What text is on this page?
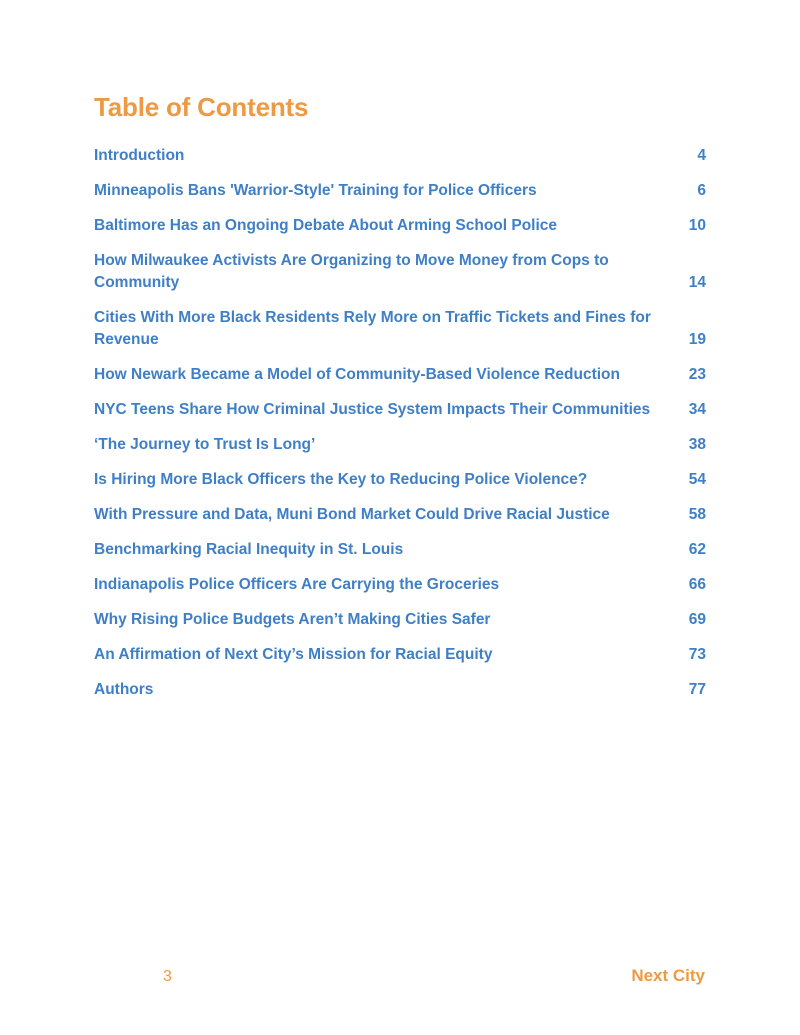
Table of Contents
Introduction	4
Minneapolis Bans 'Warrior-Style' Training for Police Officers	6
Baltimore Has an Ongoing Debate About Arming School Police	10
How Milwaukee Activists Are Organizing to Move Money from Cops to Community	14
Cities With More Black Residents Rely More on Traffic Tickets and Fines for Revenue	19
How Newark Became a Model of Community-Based Violence Reduction	23
NYC Teens Share How Criminal Justice System Impacts Their Communities	34
‘The Journey to Trust Is Long’	38
Is Hiring More Black Officers the Key to Reducing Police Violence?	54
With Pressure and Data, Muni Bond Market Could Drive Racial Justice	58
Benchmarking Racial Inequity in St. Louis	62
Indianapolis Police Officers Are Carrying the Groceries	66
Why Rising Police Budgets Aren’t Making Cities Safer	69
An Affirmation of Next City’s Mission for Racial Equity	73
Authors	77
3	Next City
